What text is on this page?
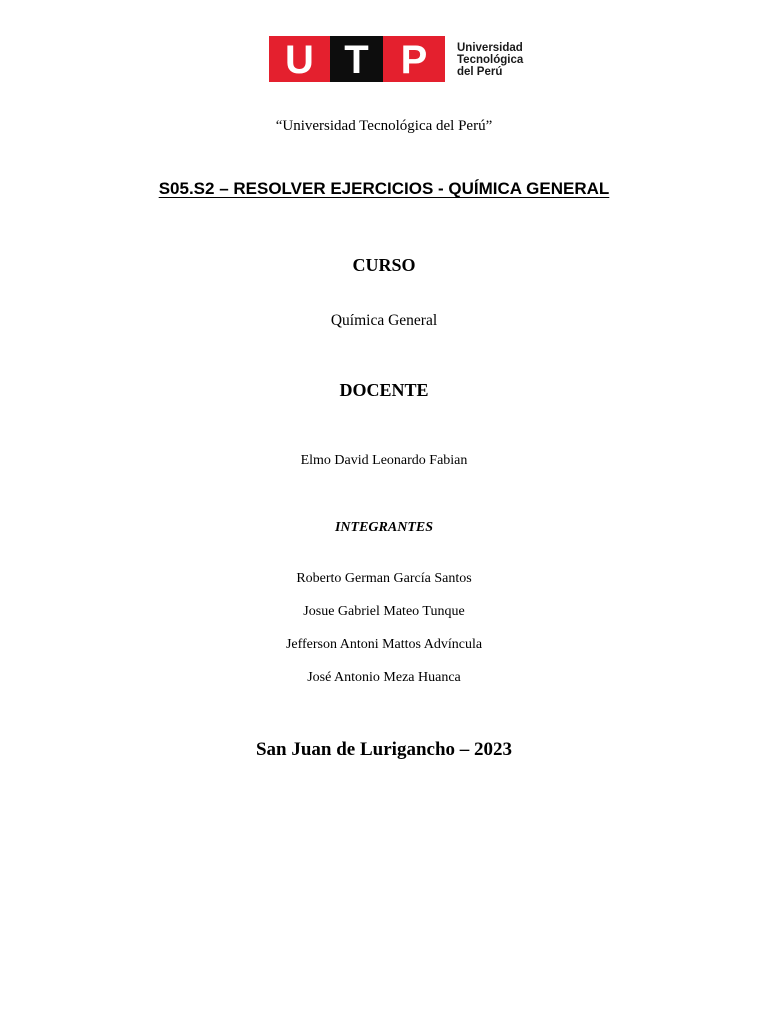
U T P	Universidad
Tecnológica
del Perú
“Universidad Tecnológica del Perú”
S05.S2 – RESOLVER EJERCICIOS - QUÍMICA GENERAL
CURSO
Química General
DOCENTE
Elmo David Leonardo Fabian
INTEGRANTES
Roberto German García Santos
Josue Gabriel Mateo Tunque
Jefferson Antoni Mattos Advíncula
José Antonio Meza Huanca
San Juan de Lurigancho – 2023
